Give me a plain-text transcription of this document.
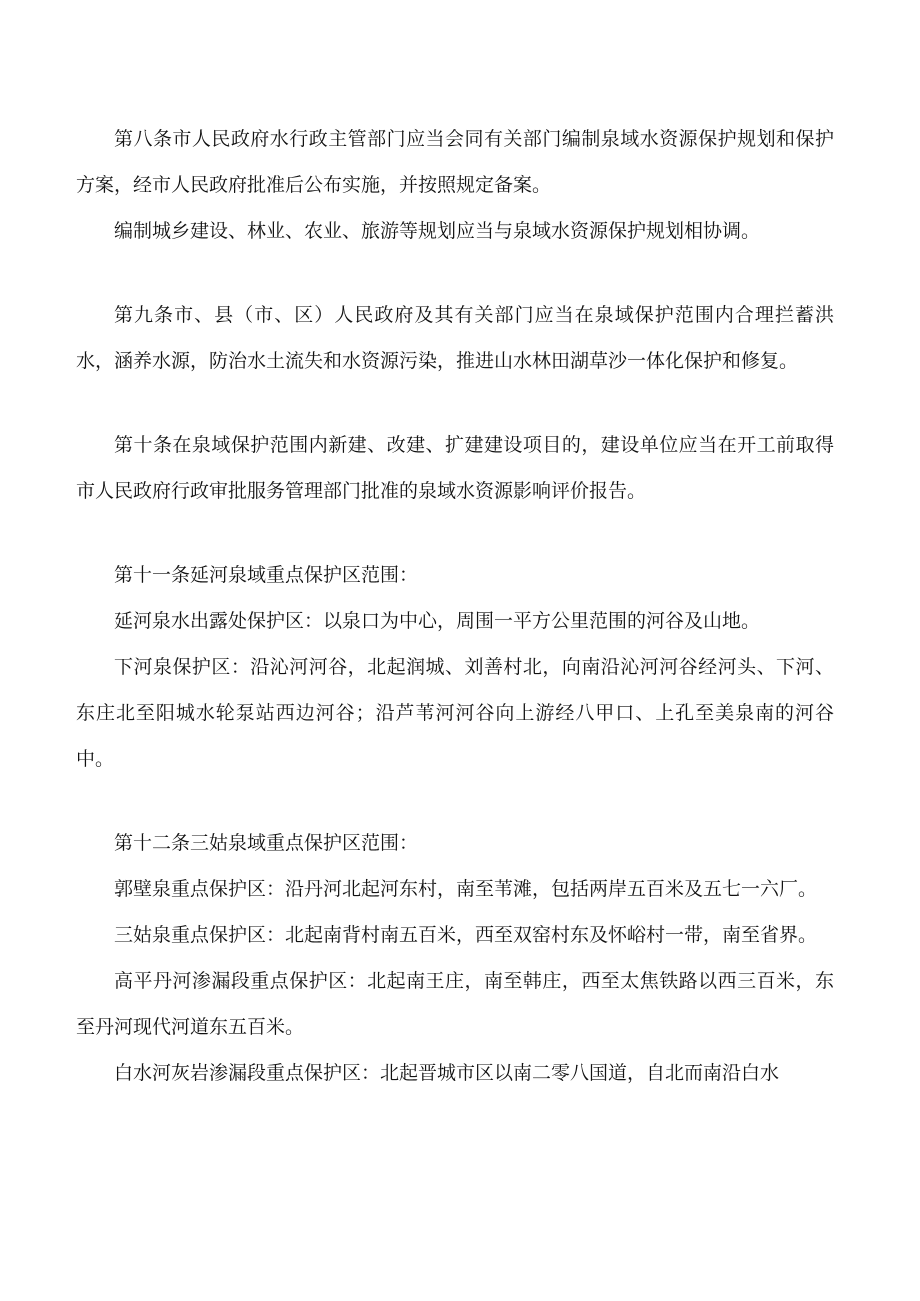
第八条市人民政府水行政主管部门应当会同有关部门编制泉域水资源保护规划和保护方案，经市人民政府批准后公布实施，并按照规定备案。

编制城乡建设、林业、农业、旅游等规划应当与泉域水资源保护规划相协调。

第九条市、县（市、区）人民政府及其有关部门应当在泉域保护范围内合理拦蓄洪水，涵养水源，防治水土流失和水资源污染，推进山水林田湖草沙一体化保护和修复。

第十条在泉域保护范围内新建、改建、扩建建设项目的，建设单位应当在开工前取得市人民政府行政审批服务管理部门批准的泉域水资源影响评价报告。

第十一条延河泉域重点保护区范围：

延河泉水出露处保护区：以泉口为中心，周围一平方公里范围的河谷及山地。

下河泉保护区：沿沁河河谷，北起润城、刘善村北，向南沿沁河河谷经河头、下河、东庄北至阳城水轮泵站西边河谷；沿芦苇河河谷向上游经八甲口、上孔至美泉南的河谷中。

第十二条三姑泉域重点保护区范围：

郭壁泉重点保护区：沿丹河北起河东村，南至苇滩，包括两岸五百米及五七一六厂。

三姑泉重点保护区：北起南背村南五百米，西至双窑村东及怀峪村一带，南至省界。

高平丹河渗漏段重点保护区：北起南王庄，南至韩庄，西至太焦铁路以西三百米，东至丹河现代河道东五百米。

白水河灰岩渗漏段重点保护区：北起晋城市区以南二零八国道，自北而南沿白水
